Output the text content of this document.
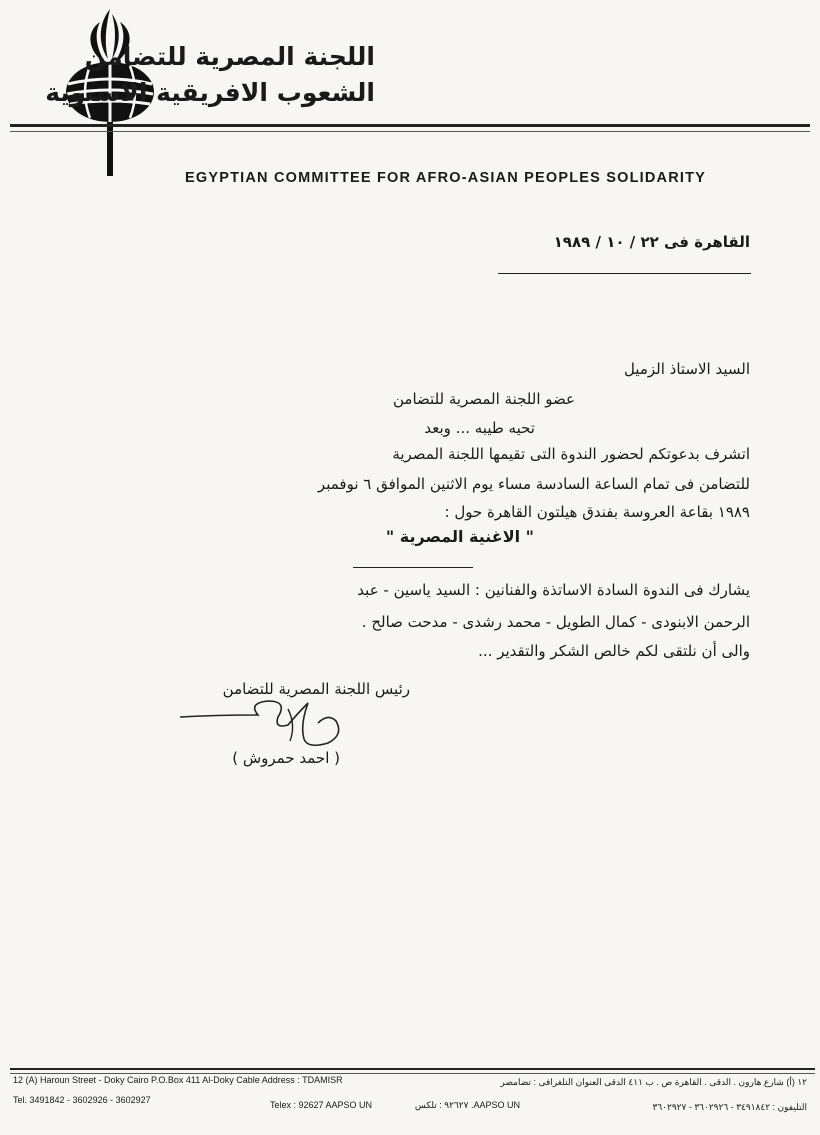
اللجنة المصرية للتضامن
الشعوب الافريقية الاسيوية
EGYPTIAN COMMITTEE FOR AFRO-ASIAN PEOPLES SOLIDARITY
القاهرة فى ٢٢ / ١٠ / ١٩٨٩
السيد الاستاذ الزميل
عضو اللجنة المصرية للتضامن
تحيه طيبه ... وبعد
اتشرف بدعوتكم لحضور الندوة التى تقيمها اللجنة المصرية
للتضامن فى تمام الساعة السادسة مساء يوم الاثنين الموافق ٦ نوفمبر
١٩٨٩ بقاعة العروسة بفندق هيلتون القاهرة حول :
" الاغنية المصرية "
يشارك فى الندوة السادة الاساتذة والفنانين : السيد ياسين - عبد
الرحمن الابنودى - كمال الطويل - محمد رشدى - مدحت صالح .
والى أن نلتقى لكم خالص الشكر والتقدير ...
رئيس اللجنة المصرية للتضامن
( احمد حمروش )
12 (A) Haroun Street - Doky Cairo P.O.Box 411 Al-Doky Cable Address : TDAMISR	١٢ (أ) شارع هارون . الدقى . القاهرة ص . ب ٤١١ الدقى العنوان التلغرافى : تضامصر
Tel. 3491842 - 3602926 - 3602927	Telex : 92627 AAPSO UN	AAPSO UN. ٩٢٦٢٧ : تلكس	التليفون : ٣٤٩١٨٤٢ - ٣٦٠٢٩٢٦ - ٣٦٠٢٩٢٧
